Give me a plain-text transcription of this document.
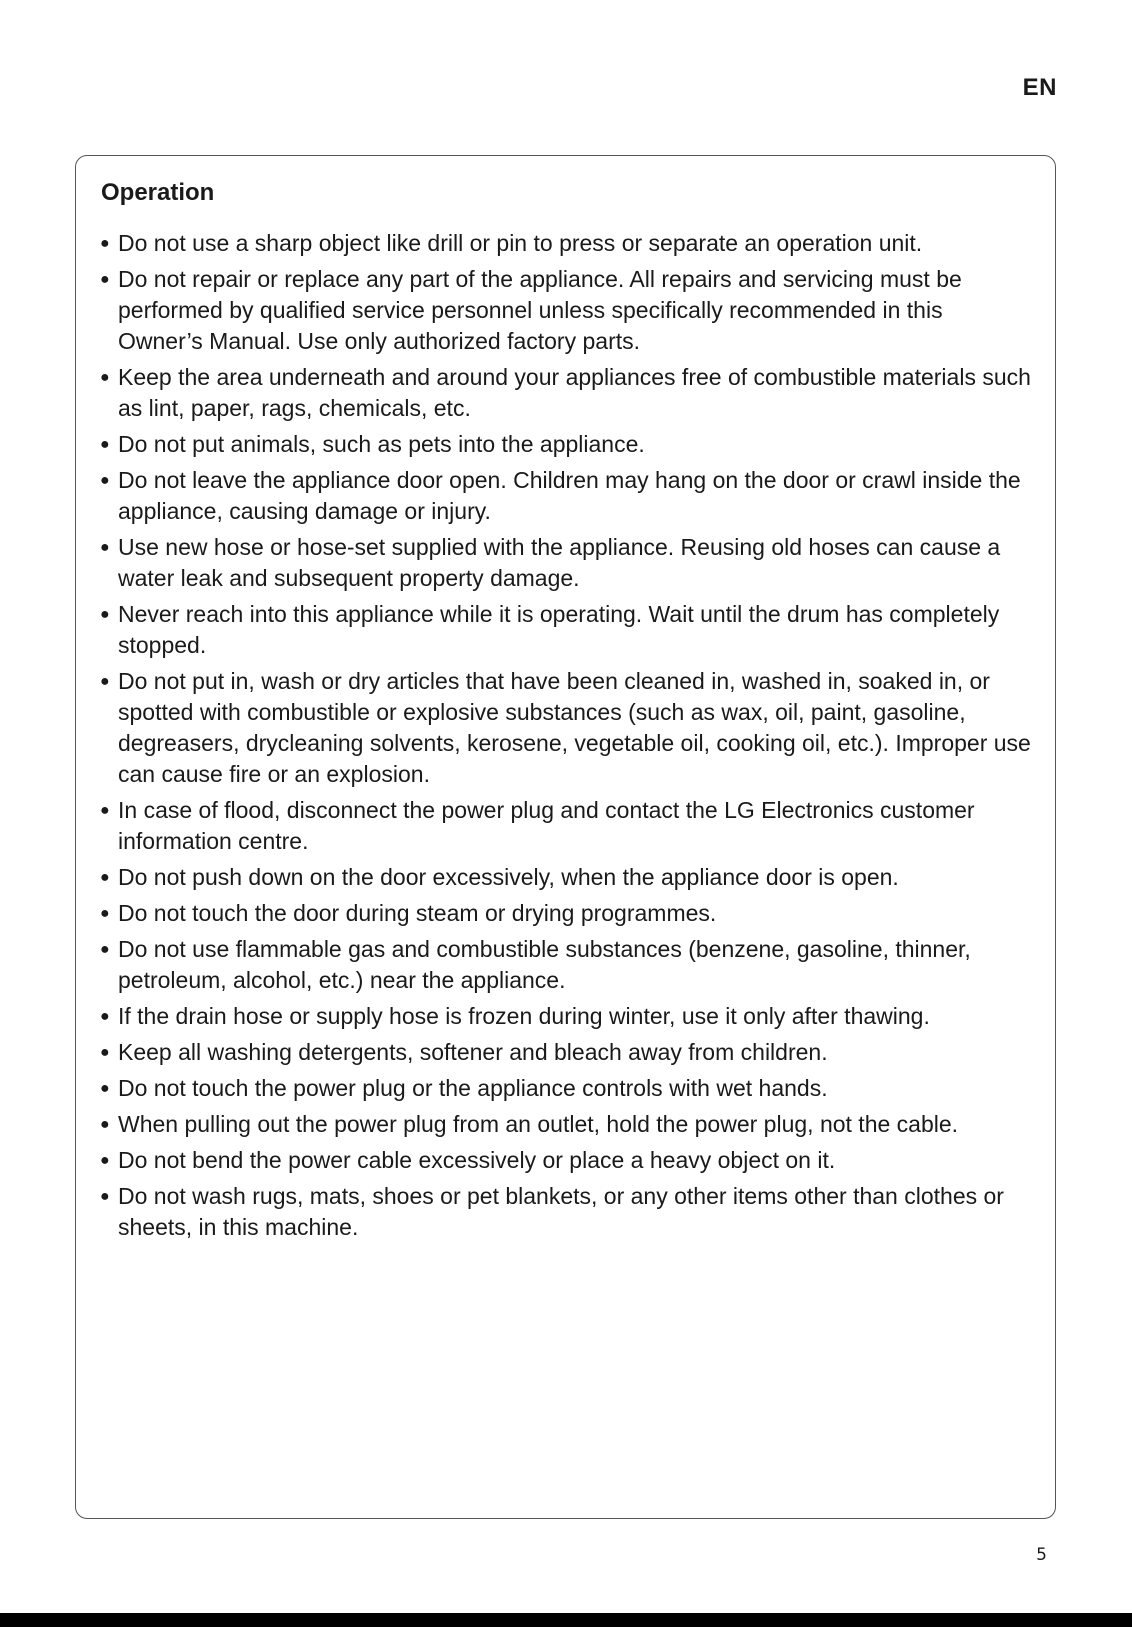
EN
Operation
● Do not use a sharp object like drill or pin to press or separate an operation unit.
● Do not repair or replace any part of the appliance. All repairs and servicing must be performed by qualified service personnel unless specifically recommended in this Owner’s Manual. Use only authorized factory parts.
● Keep the area underneath and around your appliances free of combustible materials such as lint, paper, rags, chemicals, etc.
● Do not put animals, such as pets into the appliance.
● Do not leave the appliance door open. Children may hang on the door or crawl inside the appliance, causing damage or injury.
● Use new hose or hose-set supplied with the appliance. Reusing old hoses can cause a water leak and subsequent property damage.
● Never reach into this appliance while it is operating. Wait until the drum has completely stopped.
● Do not put in, wash or dry articles that have been cleaned in, washed in, soaked in, or spotted with combustible or explosive substances (such as wax, oil, paint, gasoline, degreasers, drycleaning solvents, kerosene, vegetable oil, cooking oil, etc.). Improper use can cause fire or an explosion.
● In case of flood, disconnect the power plug and contact the LG Electronics customer information centre.
● Do not push down on the door excessively, when the appliance door is open.
● Do not touch the door during steam or drying programmes.
● Do not use flammable gas and combustible substances (benzene, gasoline, thinner, petroleum, alcohol, etc.) near the appliance.
● If the drain hose or supply hose is frozen during winter, use it only after thawing.
● Keep all washing detergents, softener and bleach away from children.
● Do not touch the power plug or the appliance controls with wet hands.
● When pulling out the power plug from an outlet, hold the power plug, not the cable.
● Do not bend the power cable excessively or place a heavy object on it.
● Do not wash rugs, mats, shoes or pet blankets, or any other items other than clothes or sheets, in this machine.
5
